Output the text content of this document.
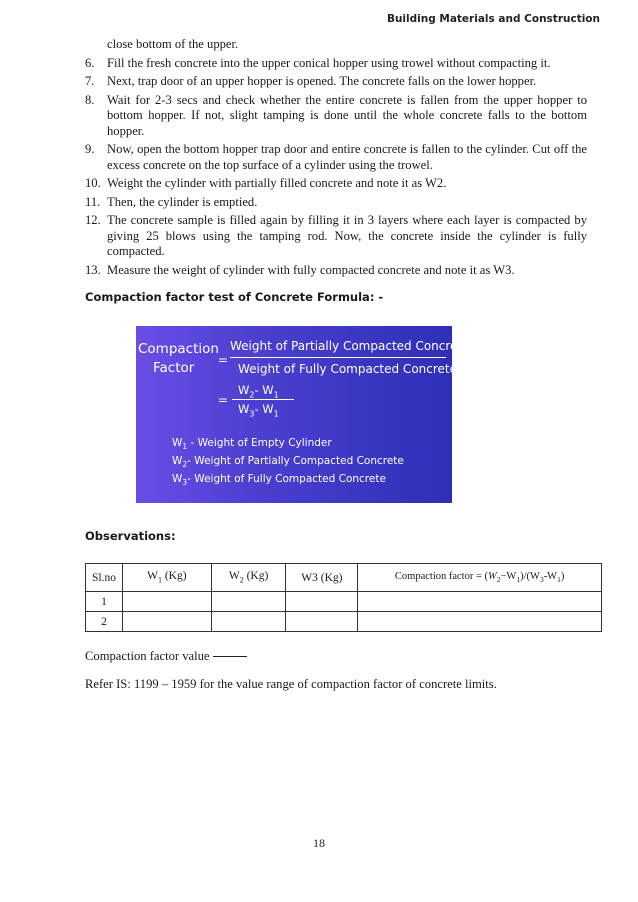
Building Materials and Construction
close bottom of the upper.
6. Fill the fresh concrete into the upper conical hopper using trowel without compacting it.
7. Next, trap door of an upper hopper is opened. The concrete falls on the lower hopper.
8. Wait for 2-3 secs and check whether the entire concrete is fallen from the upper hopper to bottom hopper. If not, slight tamping is done until the whole concrete falls to the bottom hopper.
9. Now, open the bottom hopper trap door and entire concrete is fallen to the cylinder. Cut off the excess concrete on the top surface of a cylinder using the trowel.
10. Weight the cylinder with partially filled concrete and note it as W2.
11. Then, the cylinder is emptied.
12. The concrete sample is filled again by filling it in 3 layers where each layer is compacted by giving 25 blows using the tamping rod. Now, the concrete inside the cylinder is fully compacted.
13. Measure the weight of cylinder with fully compacted concrete and note it as W3.
Compaction factor test of Concrete Formula: -
Compaction
Factor =
Weight of Partially Compacted Concrete
Weight of Fully Compacted Concrete
=
$W_2-$ $W_1$
$W_3-$ $W_1$
$W_1$ - Weight of Empty Cylinder
$W_2-$ Weight of Partially Compacted Concrete
$W_3-$ Weight of Fully Compacted Concrete
Observations:
Sl.no	$W_1$ (Kg)	$W_2$ (Kg)	W3 (Kg)	Compaction factor = $(W_2-W_1)/(W_3-W_1)$
1				
2				
Compaction factor value
Refer IS: 1199 – 1959 for the value range of compaction factor of concrete limits.
18
